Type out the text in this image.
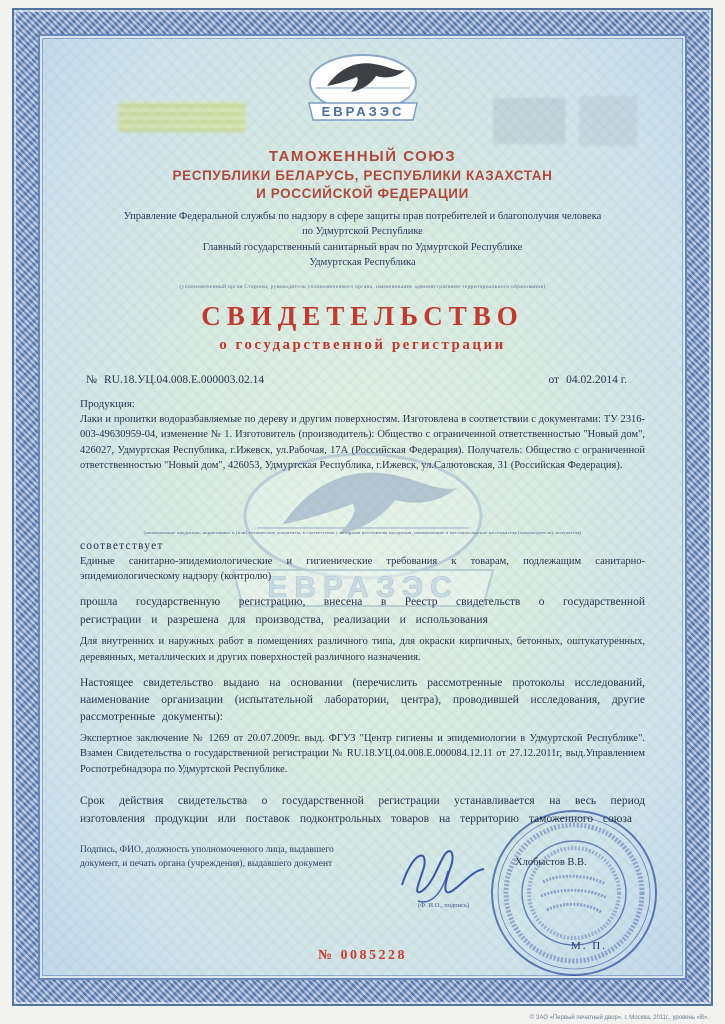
ЕВРАЗЭС
ЕВРАЗЭС
ТАМОЖЕННЫЙ СОЮЗ
РЕСПУБЛИКИ БЕЛАРУСЬ, РЕСПУБЛИКИ КАЗАХСТАН
И РОССИЙСКОЙ ФЕДЕРАЦИИ
Управление Федеральной службы по надзору в сфере защиты прав потребителей и благополучия человека
по Удмуртской Республике
Главный государственный санитарный врач по Удмуртской Республике
Удмуртская Республика
(уполномоченный орган Стороны, руководитель уполномоченного органа, наименование административно-территориального образования)
СВИДЕТЕЛЬСТВО
о государственной регистрации
№ RU.18.УЦ.04.008.Е.000003.02.14	от 04.02.2014 г.
Продукция:
Лаки и пропитки водоразбавляемые по дереву и другим поверхностям. Изготовлена в соответствии с документами: ТУ 2316-003-49630959-04, изменение № 1. Изготовитель (производитель): Общество с ограниченной ответственностью "Новый дом", 426027, Удмуртская Республика, г.Ижевск, ул.Рабочая, 17А (Российская Федерация). Получатель: Общество с ограниченной ответственностью "Новый дом", 426053, Удмуртская Республика, г.Ижевск, ул.Салютовская, 31 (Российская Федерация).
(наименование продукции, нормативные и (или) технические документы, в соответствии с которыми изготовлена продукция, наименование и местонахождение изготовителя (производителя), получателя)
соответствует
Единые санитарно-эпидемиологические и гигиенические требования к товарам, подлежащим санитарно-эпидемиологическому надзору (контролю)
прошла государственную регистрацию, внесена в Реестр свидетельств о государственной регистрации и разрешена для производства, реализации и использования
Для внутренних и наружных работ в помещениях различного типа, для окраски кирпичных, бетонных, оштукатуренных, деревянных, металлических и других поверхностей различного назначения.
Настоящее свидетельство выдано на основании (перечислить рассмотренные протоколы исследований, наименование организации (испытательной лаборатории, центра), проводившей исследования, другие рассмотренные документы):
Экспертное заключение № 1269 от 20.07.2009г. выд. ФГУЗ "Центр гигиены и эпидемиологии в Удмуртской Республике". Взамен Свидетельства о государственной регистрации № RU.18.УЦ.04.008.Е.000084.12.11 от 27.12.2011г, выд.Управлением Роспотребнадзора по Удмуртской Республике.
Срок действия свидетельства о государственной регистрации устанавливается на весь период изготовления продукции или поставок подконтрольных товаров на территорию таможенного союза
Подпись, ФИО, должность уполномоченного лица, выдавшего документ, и печать органа (учреждения), выдавшего документ
(Ф. И.О., подпись)
Хлобыстов В.В.
№ 0085228
М. П.
© ЗАО «Первый печатный двор», г. Москва, 2011г., уровень «В».
